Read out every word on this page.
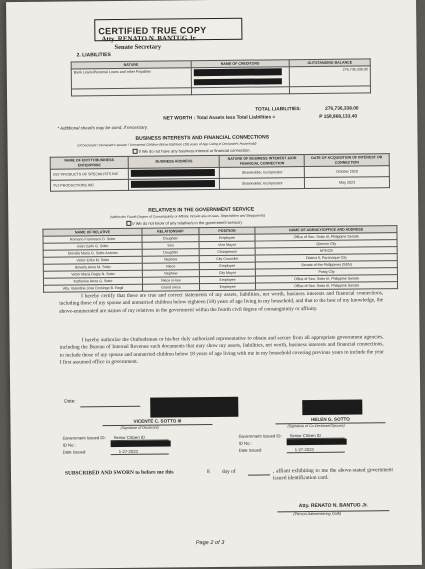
CERTIFIED TRUE COPY
Atty. RENATO N. BANTUG Jr.
Senate Secretary
2. LIABILITIES
NATURE	NAME OF CREDITORS	OUTSTANDING BALANCE
Bank Loans/Personal Loans and other Payables		276,736,338.00

TOTAL LIABILITIES:	276,736,338.00
NET WORTH : Total Assets less Total Liabilities =	P 158,868,133.40
* Additional sheet/s may be used, if necessary.
BUSINESS INTERESTS AND FINANCIAL CONNECTIONS
(of Declarant / Declarant's spouse / Unmarried Children Below Eighteen (18) years of Age Living in Declarant's Household)
I/ We do not have any business interest or financial connection.
NAME OF ENTITY/BUSINESS ENTERPRISE	BUSINESS ADDRESS	NATURE OF BUSINESS INTEREST &/OR FINANCIAL CONNECTION	DATE OF ACQUISITION OF INTEREST OR CONNECTION
VSY PRODUCTS OF SPECIALISTS INC		Shareholder, Incorporator	October 2018
TVJ PRODUCTIONS INC		Shareholder, Incorporator	May 2023
RELATIVES IN THE GOVERNMENT SERVICE
(Within the Fourth Degree of Consanguinity or Affinity. Include also In-laws, Stepchildren and Stepparents)
I/ We do not know of any relative/s in the government service)
NAME OF RELATIVE	RELATIONSHIP	POSITION	NAME OF AGENCY/OFFICE AND ADDRESS
Romano Francesco D. Sotto	Daughter	Employee	Office of Sen. Sotto III, Philippine Senate
Gian Carlo G. Sotto	Son	Vice Mayor	Quezon City
Diorella Maria G. Sotto-Antonio	Daughter	Chairperson	MTRCB
Victor Eriko M. Sotto	Nephew	City Councilor	District II, Paranaque City
Beverly Anne M. Sotto	Niece	Employee	Senate of the Philippines (SEN)
Victor Maria Regis N. Sotto	Nephew	City Mayor	Pasig City
Katherine Anne G. Sotto	Niece in-law	Employee	Office of Sen. Sotto III, Philippine Senate
Atty. Valentine Jose Domingo B. Regil	Grand niece	Employee	Office of Sen. Sotto III, Philippine Senate
I hereby certify that these are true and correct statements of my assets, liabilities, net worth, business interests and financial connections, including those of my spouse and unmarried children below eighteen (18) years of age living in my household, and that to the best of my knowledge, the above-enumerated are names of my relatives in the government within the fourth civil degree of consanguinity or affinity.
I hereby authorize the Ombudsman or his/her duly authorized representative to obtain and secure from all appropriate government agencies, including the Bureau of Internal Revenue such documents that may show my assets, liabilities, net worth, business interests and financial connections, to include those of my spouse and unmarried children below 18 years of age living with me in my household covering previous years to include the year I first assumed office in government.
Date:
VICENTE C. SOTTO III
(Signature of Declarant)
HELEN G. SOTTO
(Signature of Co-Declarant/Spouse)
Government Issued ID: Senior Citizen ID
ID No.:
Date Issued:	1-27-2023
Government Issued ID: Senior Citizen ID
ID No.:
Date Issued:	1-27-2023
SUBSCRIBED AND SWORN to before me this	8	day of	, affiant exhibiting to me the above-stated government issued identification card.
Atty. RENATO N. BANTUG Jr.
(Person Administering Oath)
Page 2 of 3
